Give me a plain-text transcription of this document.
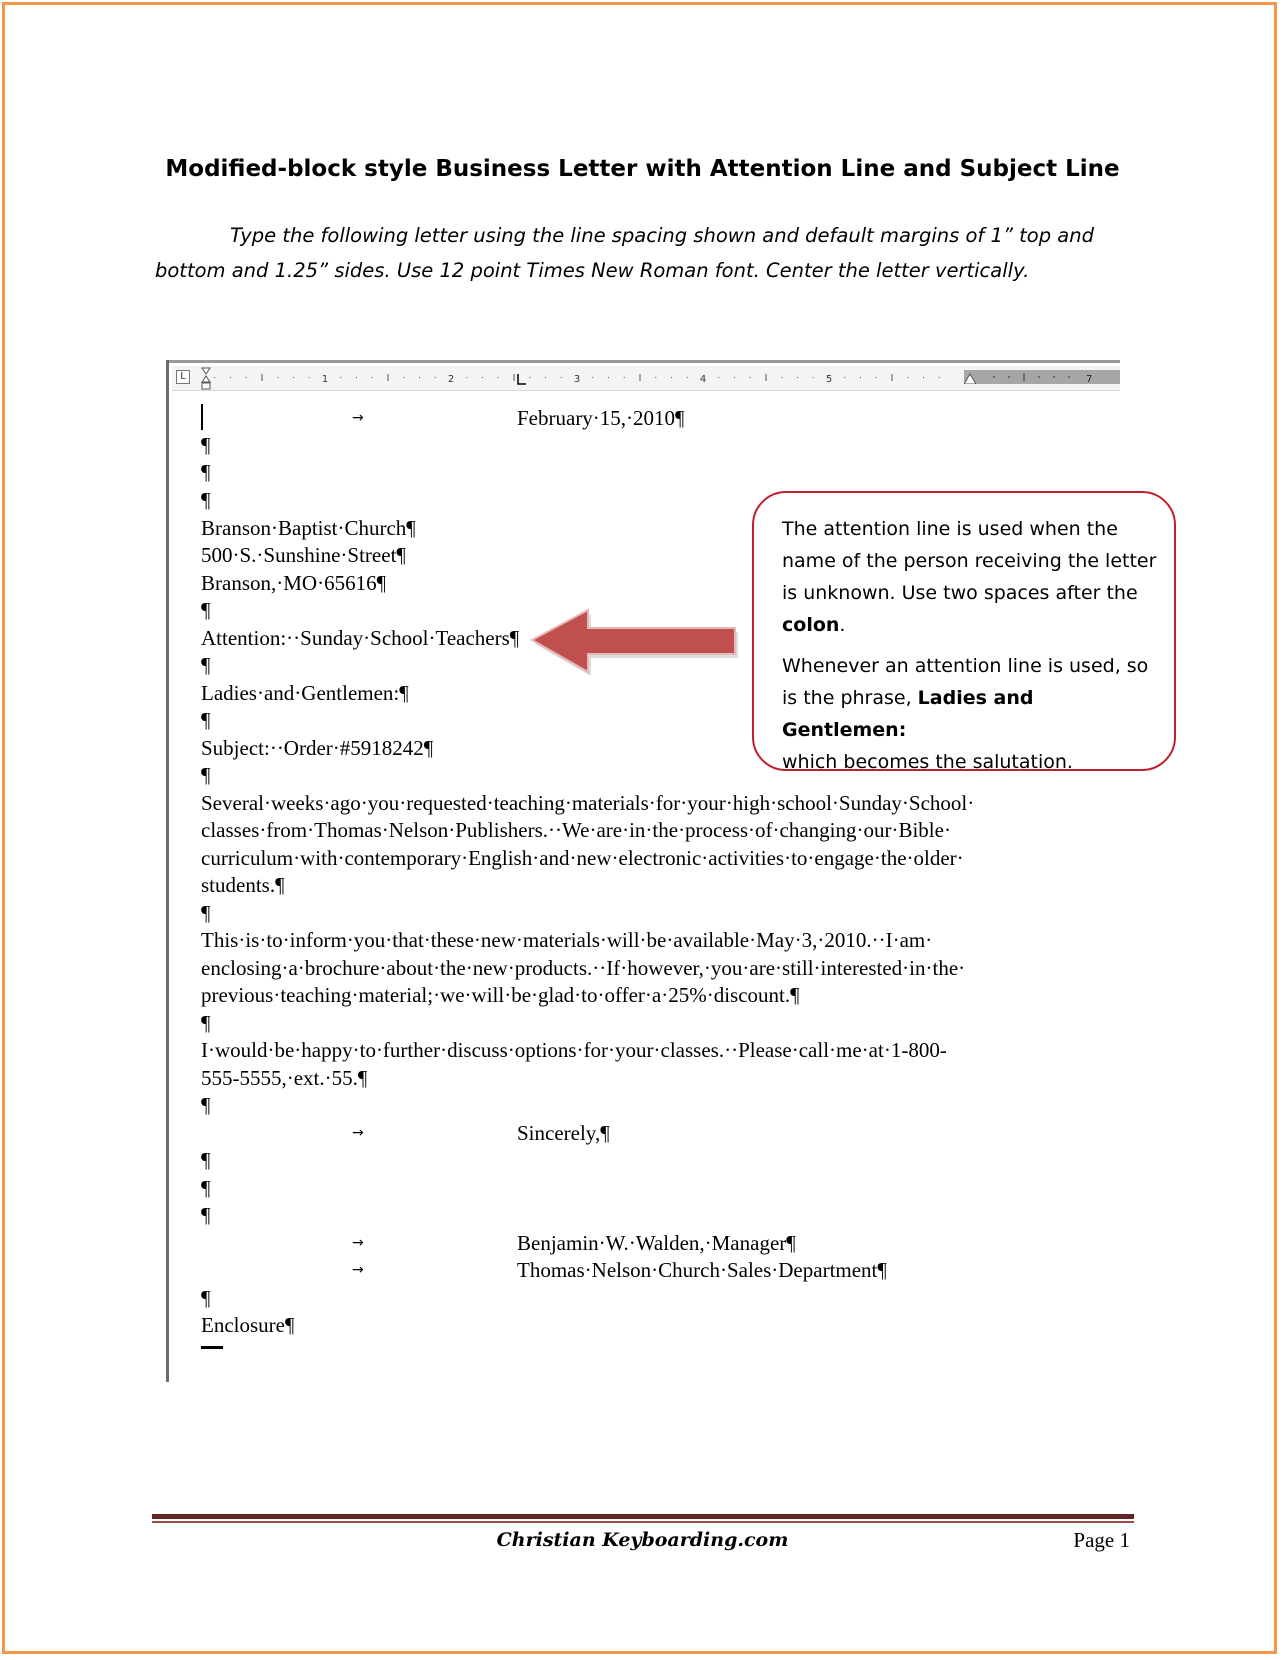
Modified-block style Business Letter with Attention Line and Subject Line
Type the following letter using the line spacing shown and default margins of 1” top and bottom and 1.25” sides. Use 12 point Times New Roman font. Center the letter vertically.
1	2	3	4	5	7
L
→	February·15,·2010¶
¶
¶
¶
Branson·Baptist·Church¶
500·S.·Sunshine·Street¶
Branson,·MO·65616¶
¶
Attention:··Sunday·School·Teachers¶
¶
Ladies·and·Gentlemen:¶
¶
Subject:··Order·#5918242¶
¶
Several·weeks·ago·you·requested·teaching·materials·for·your·high·school·Sunday·School·
classes·from·Thomas·Nelson·Publishers.··We·are·in·the·process·of·changing·our·Bible·
curriculum·with·contemporary·English·and·new·electronic·activities·to·engage·the·older·
students.¶
¶
This·is·to·inform·you·that·these·new·materials·will·be·available·May·3,·2010.··I·am·
enclosing·a·brochure·about·the·new·products.··If·however,·you·are·still·interested·in·the·
previous·teaching·material;·we·will·be·glad·to·offer·a·25%·discount.¶
¶
I·would·be·happy·to·further·discuss·options·for·your·classes.··Please·call·me·at·1-800-
555-5555,·ext.·55.¶
¶
→	Sincerely,¶
¶
¶
¶
→	Benjamin·W.·Walden,·Manager¶
→	Thomas·Nelson·Church·Sales·Department¶
¶
Enclosure¶

The attention line is used when the
name of the person receiving the letter
is unknown. Use two spaces after the
colon.

Whenever an attention line is used, so
is the phrase, Ladies and Gentlemen:
which becomes the salutation.

Christian Keyboarding.com	Page 1
